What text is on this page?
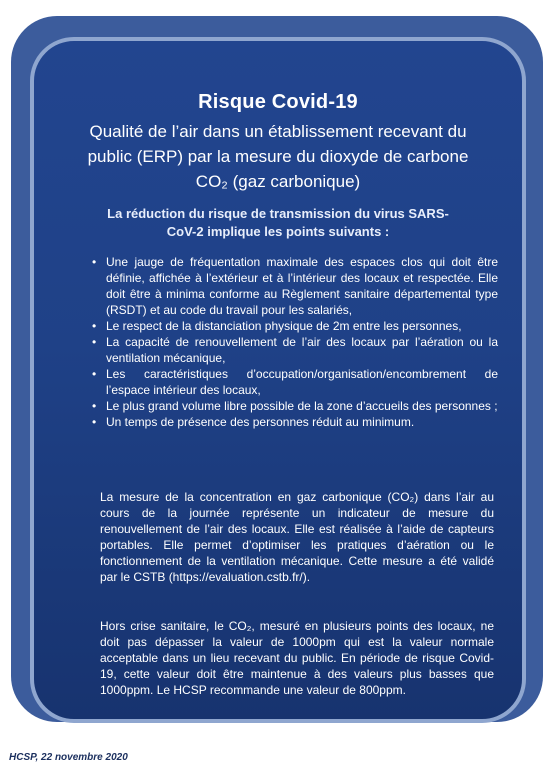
Risque Covid-19
Qualité de l’air dans un établissement recevant du public (ERP) par la mesure du dioxyde de carbone CO₂ (gaz carbonique)
La réduction du risque de transmission du virus SARS-CoV-2 implique les points suivants :
• Une jauge de fréquentation maximale des espaces clos qui doit être définie, affichée à l’extérieur et à l’intérieur des locaux et respectée. Elle doit être à minima conforme au Règlement sanitaire départemental type (RSDT) et au code du travail pour les salariés,
• Le respect de la distanciation physique de 2m entre les personnes,
• La capacité de renouvellement de l’air des locaux par l’aération ou la ventilation mécanique,
• Les caractéristiques d’occupation/organisation/encombrement de l’espace intérieur des locaux,
• Le plus grand volume libre possible de la zone d’accueils des personnes ;
• Un temps de présence des personnes réduit au minimum.
La mesure de la concentration en gaz carbonique (CO₂) dans l’air au cours de la journée représente un indicateur de mesure du renouvellement de l’air des locaux. Elle est réalisée à l’aide de capteurs portables. Elle permet d’optimiser les pratiques d’aération ou le fonctionnement de la ventilation mécanique. Cette mesure a été validé par le CSTB (https://evaluation.cstb.fr/).
Hors crise sanitaire, le CO₂, mesuré en plusieurs points des locaux, ne doit pas dépasser la valeur de 1000pm qui est la valeur normale acceptable dans un lieu recevant du public. En période de risque Covid-19, cette valeur doit être maintenue à des valeurs plus basses que 1000ppm. Le HCSP recommande une valeur de 800ppm.
HCSP, 22 novembre 2020
